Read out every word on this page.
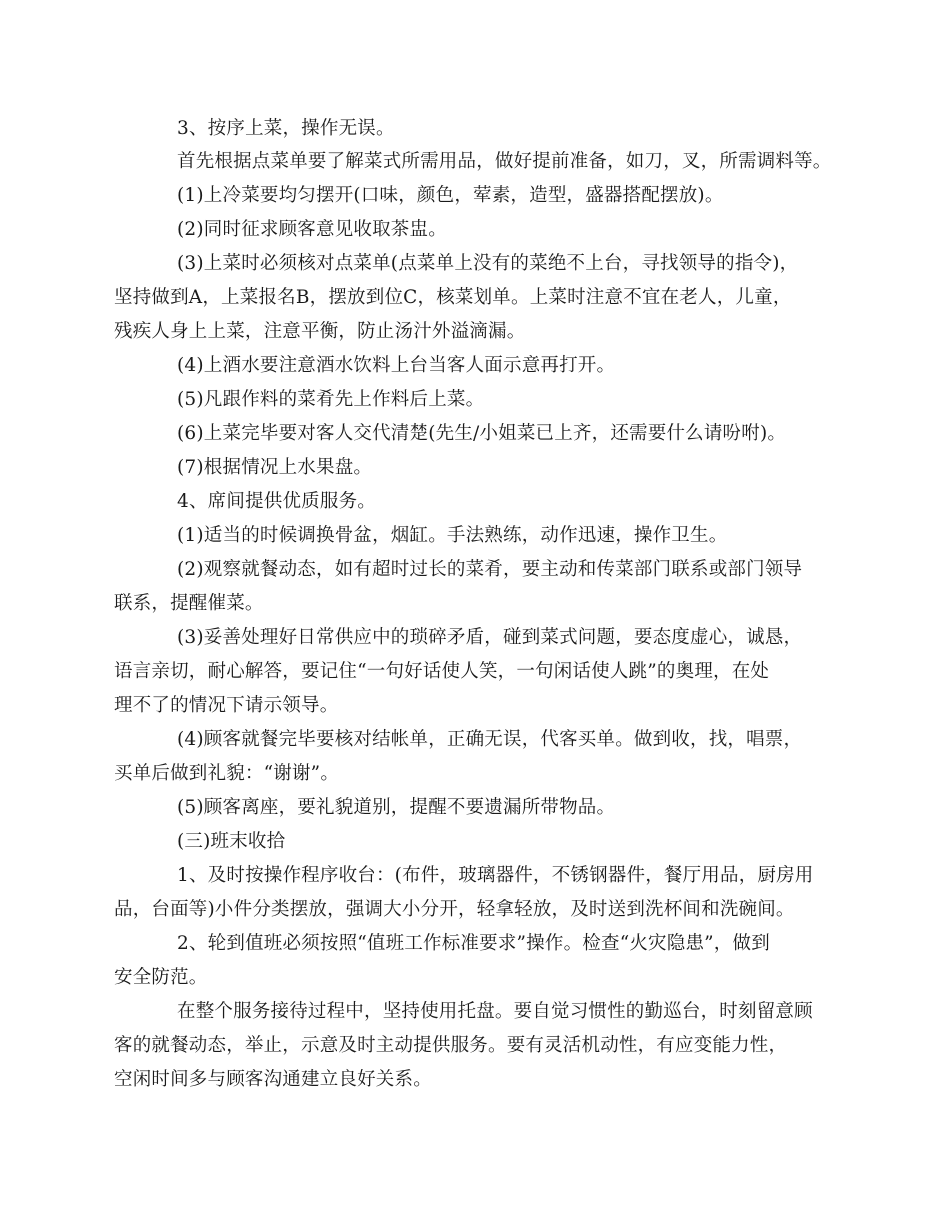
3、按序上菜，操作无误。
首先根据点菜单要了解菜式所需用品，做好提前准备，如刀，叉，所需调料等。
(1)上冷菜要均匀摆开(口味，颜色，荤素，造型，盛器搭配摆放)。
(2)同时征求顾客意见收取茶盅。
(3)上菜时必须核对点菜单(点菜单上没有的菜绝不上台，寻找领导的指令)，
坚持做到A，上菜报名B，摆放到位C，核菜划单。上菜时注意不宜在老人，儿童，
残疾人身上上菜，注意平衡，防止汤汁外溢滴漏。
(4)上酒水要注意酒水饮料上台当客人面示意再打开。
(5)凡跟作料的菜肴先上作料后上菜。
(6)上菜完毕要对客人交代清楚(先生/小姐菜已上齐，还需要什么请吩咐)。
(7)根据情况上水果盘。
4、席间提供优质服务。
(1)适当的时候调换骨盆，烟缸。手法熟练，动作迅速，操作卫生。
(2)观察就餐动态，如有超时过长的菜肴，要主动和传菜部门联系或部门领导
联系，提醒催菜。
(3)妥善处理好日常供应中的琐碎矛盾，碰到菜式问题，要态度虚心，诚恳，
语言亲切，耐心解答，要记住“一句好话使人笑，一句闲话使人跳”的奥理，在处
理不了的情况下请示领导。
(4)顾客就餐完毕要核对结帐单，正确无误，代客买单。做到收，找，唱票，
买单后做到礼貌：“谢谢”。
(5)顾客离座，要礼貌道别，提醒不要遗漏所带物品。
(三)班末收拾
1、及时按操作程序收台：(布件，玻璃器件，不锈钢器件，餐厅用品，厨房用
品，台面等)小件分类摆放，强调大小分开，轻拿轻放，及时送到洗杯间和洗碗间。
2、轮到值班必须按照“值班工作标准要求”操作。检查“火灾隐患”，做到
安全防范。
在整个服务接待过程中，坚持使用托盘。要自觉习惯性的勤巡台，时刻留意顾
客的就餐动态，举止，示意及时主动提供服务。要有灵活机动性，有应变能力性，
空闲时间多与顾客沟通建立良好关系。
